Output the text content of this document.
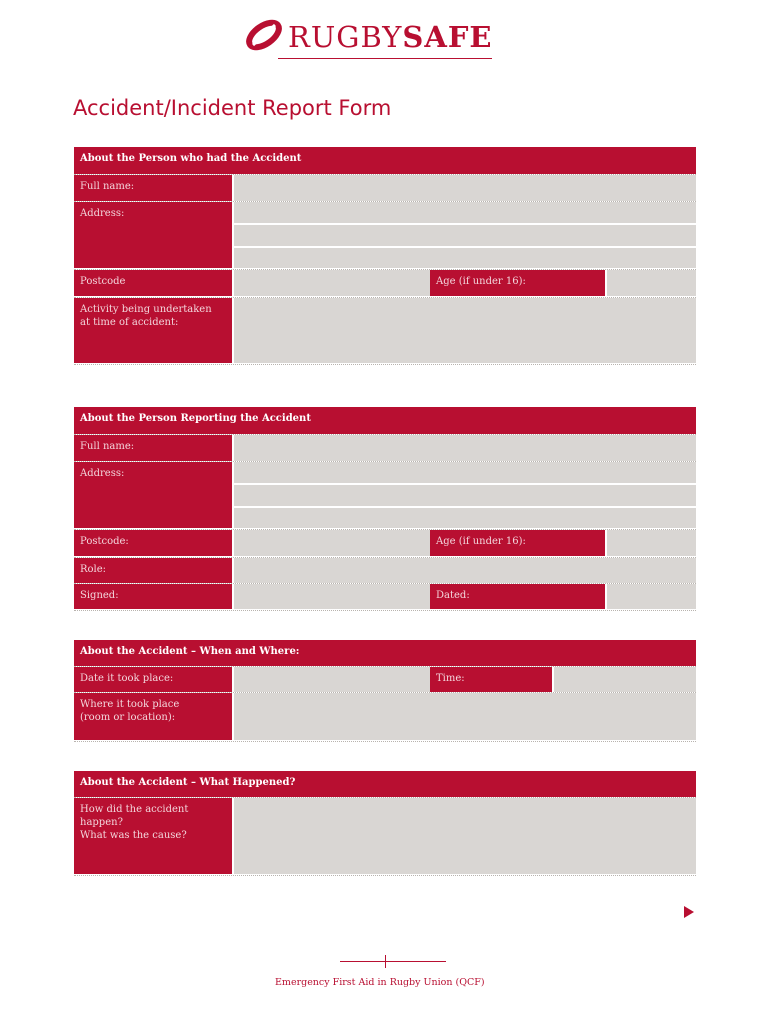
RUGBYSAFE
Accident/Incident Report Form
About the Person who had the Accident
Full name:
Address:
Postcode	Age (if under 16):
Activity being undertaken
at time of accident:
About the Person Reporting the Accident
Full name:
Address:
Postcode:	Age (if under 16):
Role:
Signed:	Dated:
About the Accident – When and Where:
Date it took place:	Time:
Where it took place
(room or location):
About the Accident – What Happened?
How did the accident happen?
What was the cause?
Emergency First Aid in Rugby Union (QCF)
